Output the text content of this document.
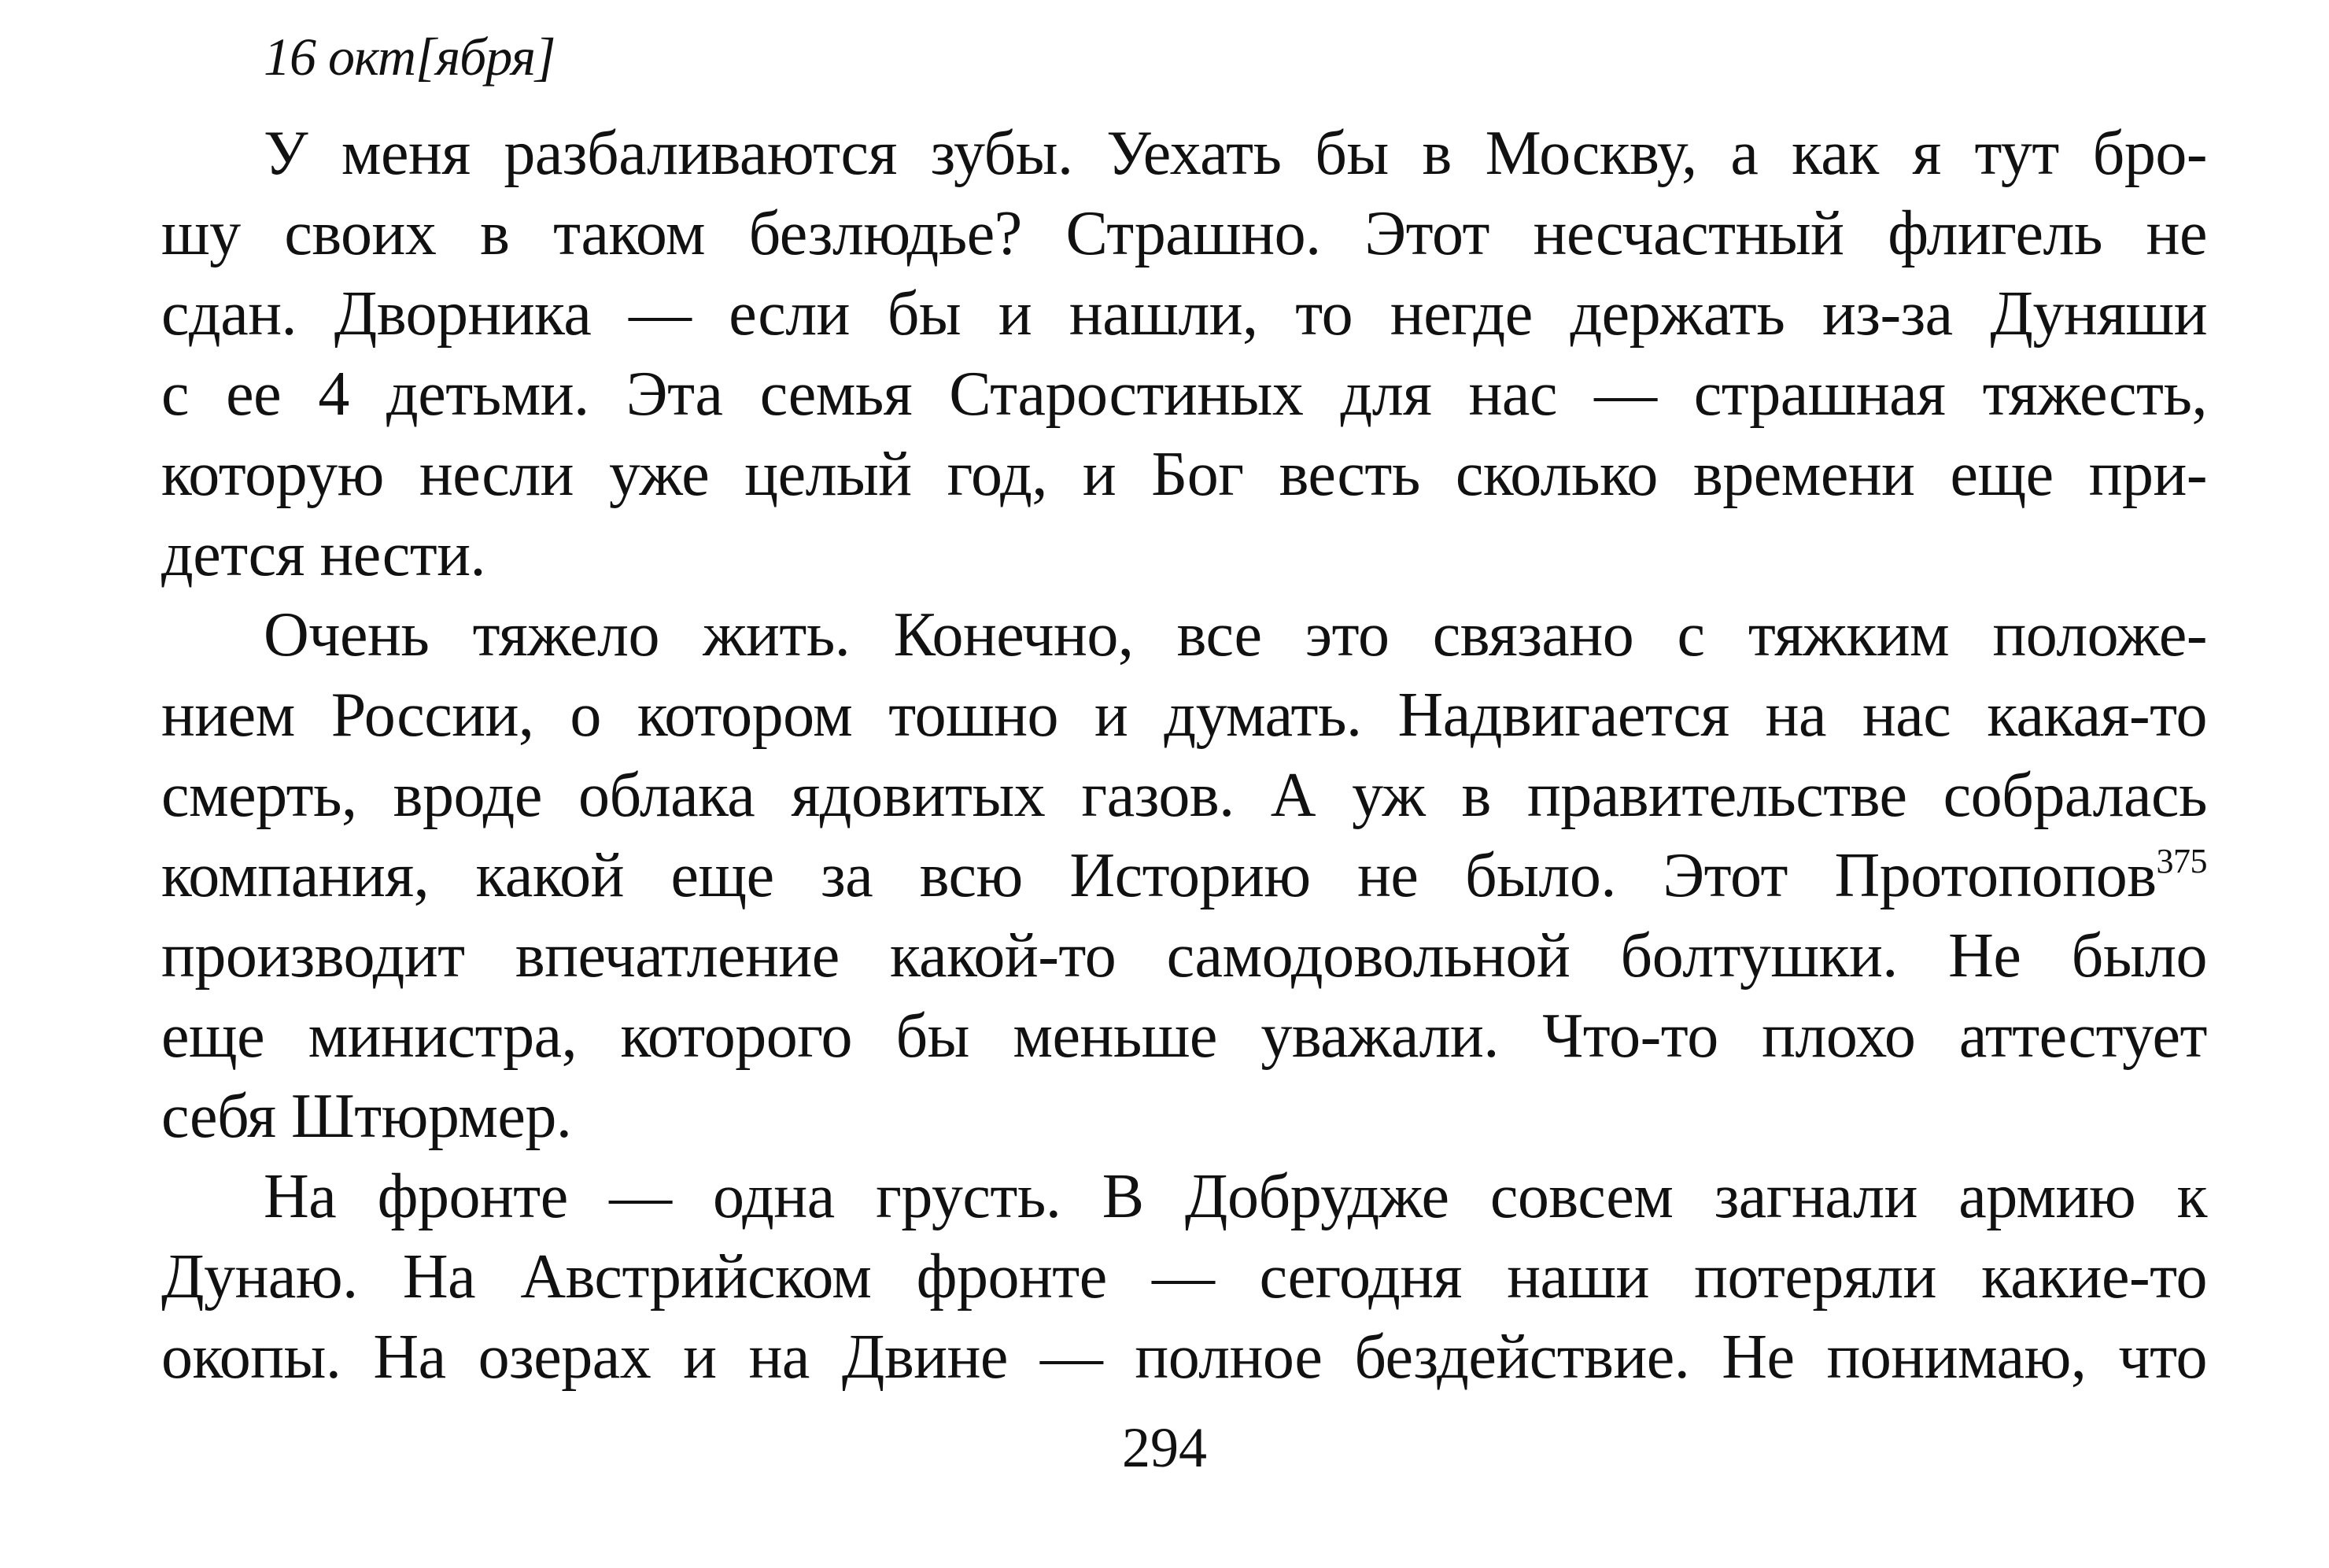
16 окт[ября]
У меня разбаливаются зубы. Уехать бы в Москву, а как я тут бро-
шу своих в таком безлюдье? Страшно. Этот несчастный флигель не
сдан. Дворника — если бы и нашли, то негде держать из-за Дуняши
с ее 4 детьми. Эта семья Старостиных для нас — страшная тяжесть,
которую несли уже целый год, и Бог весть сколько времени еще при-
дется нести.
Очень тяжело жить. Конечно, все это связано с тяжким положе-
нием России, о котором тошно и думать. Надвигается на нас какая-то
смерть, вроде облака ядовитых газов. А уж в правительстве собралась
компания, какой еще за всю Историю не было. Этот Протопопов$^{375}$
производит впечатление какой-то самодовольной болтушки. Не было
еще министра, которого бы меньше уважали. Что-то плохо аттестует
себя Штюрмер.
На фронте — одна грусть. В Добрудже совсем загнали армию к
Дунаю. На Австрийском фронте — сегодня наши потеряли какие-то
окопы. На озерах и на Двине — полное бездействие. Не понимаю, что
294
